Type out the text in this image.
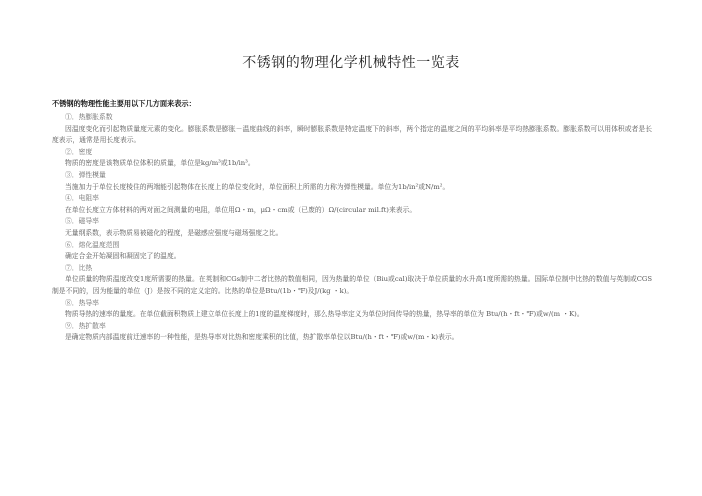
不锈钢的物理化学机械特性一览表
不锈钢的物理性能主要用以下几方面来表示：
①．热膨胀系数
因温度变化而引起物质量度元素的变化。膨胀系数是膨胀－温度曲线的斜率，瞬时膨胀系数是特定温度下的斜率，两个指定的温度之间的平均斜率是平均热膨胀系数。膨胀系数可以用体积或者是长度表示，通常是用长度表示。
②．密度
物质的密度是该物质单位体积的质量，单位是kg/m³或1b/in³。
③．弹性模量
当施加力于单位长度棱住的两端能引起物体在长度上的单位变化时，单位面积上所需的力称为弹性模量。单位为1b/in²或N/m²。
④．电阻率
在单位长度立方体材料的两对面之间测量的电阻，单位用Ω・m，μΩ・cm或（已废的）Ω/(circular mil.ft)来表示。
⑤．磁导率
无量纲系数，表示物质易被磁化的程度，是磁感应强度与磁场强度之比。
⑥．熔化温度范围
确定合金开始凝固和凝固完了的温度。
⑦．比热
单位质量的物质温度改变1度所需要的热量。在英制和CGs制中二者比热的数值相同，因为热量的单位（Biu或cal)取决于单位质量的水升高1度所需的热量。国际单位制中比热的数值与英制或CGS制是不同的，因为能量的单位（J）是按不同的定义定的。比热的单位是Btu/(1b・℉)及J/(kg ・k)。
⑧．热导率
物质导热的速率的量度。在单位截面积物质上建立单位长度上的1度的温度梯度时，那么热导率定义为单位时间传导的热量，热导率的单位为 Btu/(h・ft・℉)或w/(m ・K)。
⑨．热扩散率
是确定物质内部温度前迁速率的一种性能，是热导率对比热和密度乘积的比值，热扩散率单位以Btu/(h・ft・℉)或w/(m・k)表示。
